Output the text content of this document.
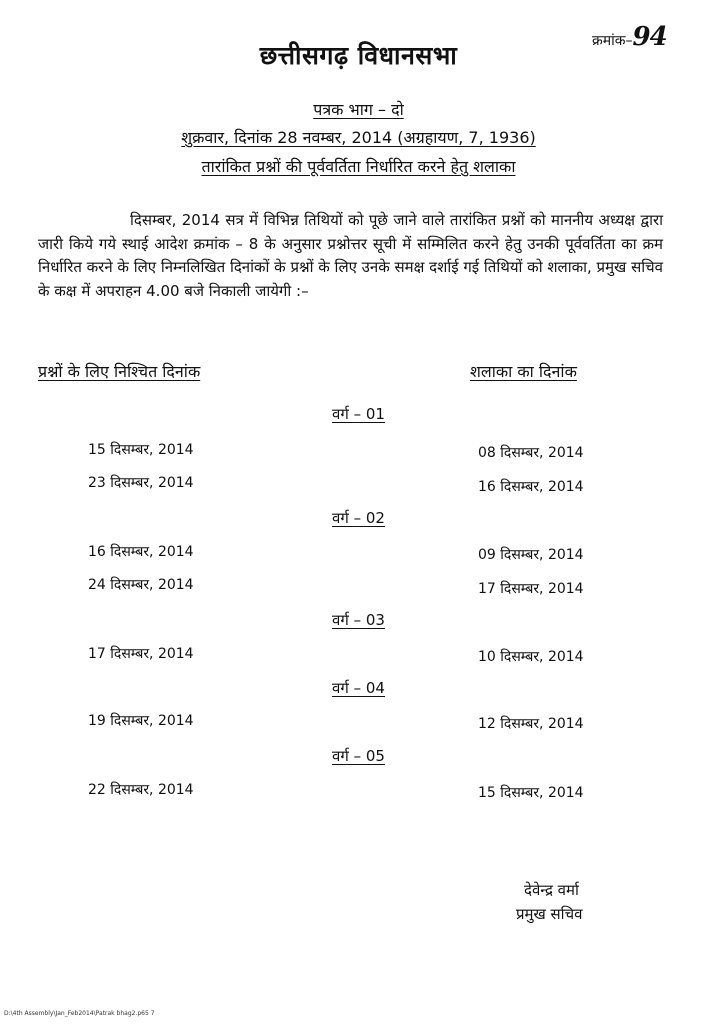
क्रमांक–94
छत्तीसगढ़ विधानसभा
पत्रक भाग – दो
शुक्रवार, दिनांक 28 नवम्बर, 2014 (अग्रहायण, 7, 1936)
तारांकित प्रश्नों की पूर्ववर्तिता निर्धारित करने हेतु शलाका

दिसम्बर, 2014 सत्र में विभिन्न तिथियों को पूछे जाने वाले तारांकित प्रश्नों को माननीय अध्यक्ष द्वारा जारी किये गये स्थाई आदेश क्रमांक – 8 के अनुसार प्रश्नोत्तर सूची में सम्मिलित करने हेतु उनकी पूर्ववर्तिता का क्रम निर्धारित करने के लिए निम्नलिखित दिनांकों के प्रश्नों के लिए उनके समक्ष दर्शाई गई तिथियों को शलाका, प्रमुख सचिव के कक्ष में अपराहन 4.00 बजे निकाली जायेगी :–

प्रश्नों के लिए निश्चित दिनांक	शलाका का दिनांक
वर्ग – 01
15 दिसम्बर, 2014	08 दिसम्बर, 2014
23 दिसम्बर, 2014	16 दिसम्बर, 2014
वर्ग – 02
16 दिसम्बर, 2014	09 दिसम्बर, 2014
24 दिसम्बर, 2014	17 दिसम्बर, 2014
वर्ग – 03
17 दिसम्बर, 2014	10 दिसम्बर, 2014
वर्ग – 04
19 दिसम्बर, 2014	12 दिसम्बर, 2014
वर्ग – 05
22 दिसम्बर, 2014	15 दिसम्बर, 2014
देवेन्द्र वर्मा
प्रमुख सचिव
D:\4th Assembly\Jan_Feb2014\Patrak bhag2.p65 7
